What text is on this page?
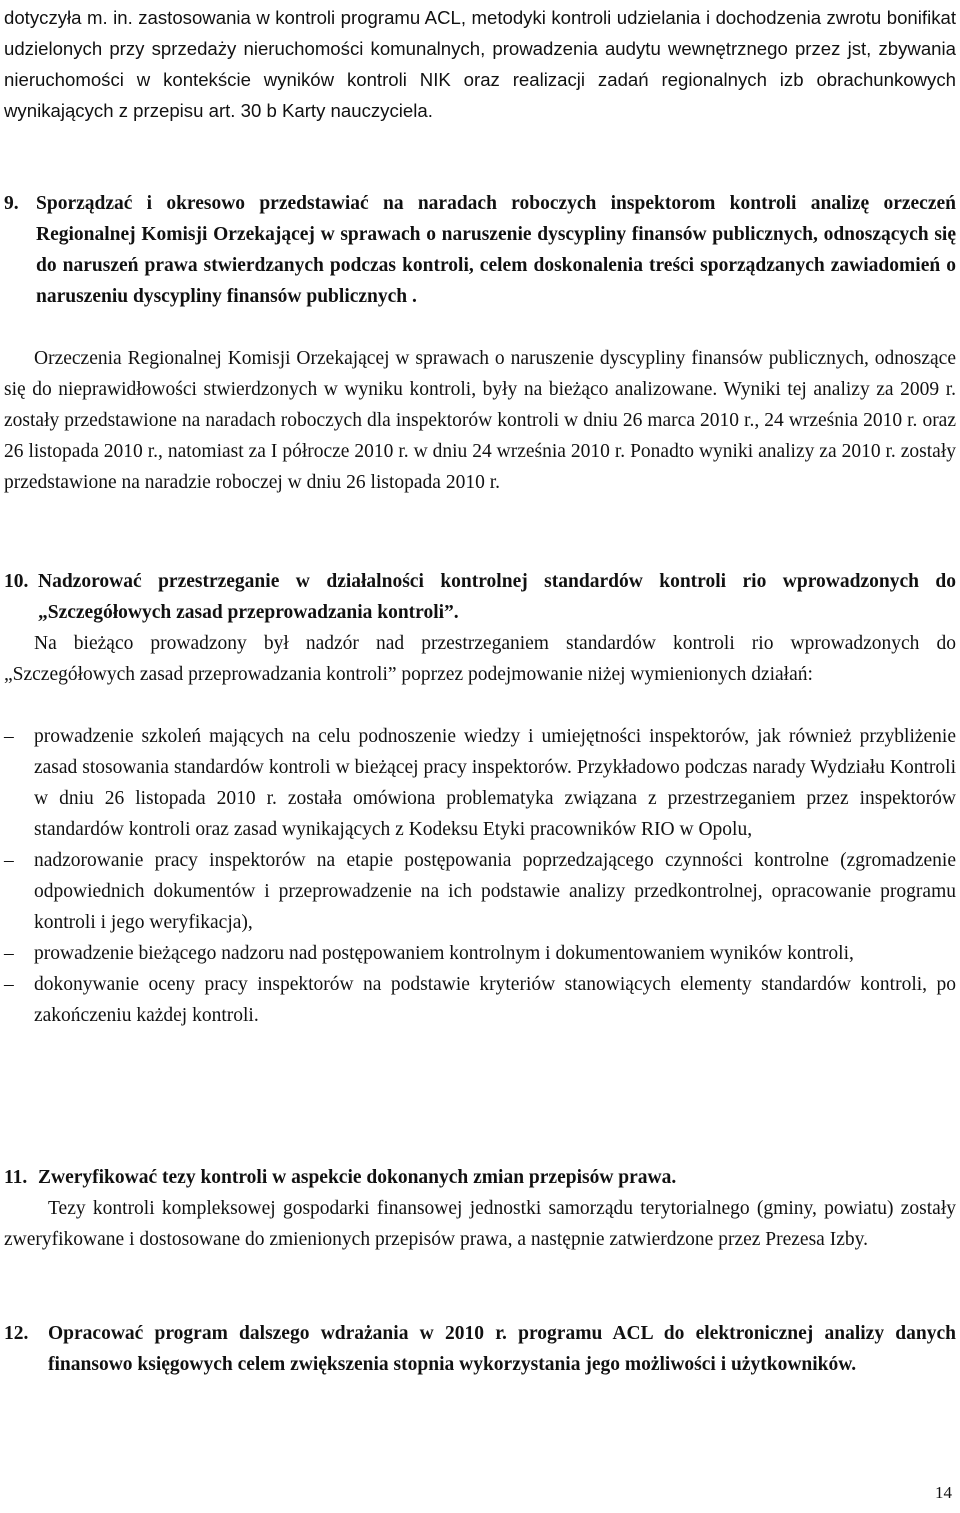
dotyczyła m. in. zastosowania w kontroli programu ACL, metodyki kontroli udzielania i dochodzenia zwrotu bonifikat udzielonych przy sprzedaży nieruchomości komunalnych, prowadzenia audytu wewnętrznego przez jst, zbywania nieruchomości w kontekście wyników kontroli NIK oraz realizacji zadań regionalnych izb obrachunkowych wynikających z przepisu art. 30 b Karty nauczyciela.

9. Sporządzać i okresowo przedstawiać na naradach roboczych inspektorom kontroli analizę orzeczeń Regionalnej Komisji Orzekającej w sprawach o naruszenie dyscypliny finansów publicznych, odnoszących się do naruszeń prawa stwierdzanych podczas kontroli, celem doskonalenia treści sporządzanych zawiadomień o naruszeniu dyscypliny finansów publicznych .

Orzeczenia Regionalnej Komisji Orzekającej w sprawach o naruszenie dyscypliny finansów publicznych, odnoszące się do nieprawidłowości stwierdzonych w wyniku kontroli, były na bieżąco analizowane. Wyniki tej analizy za 2009 r. zostały przedstawione na naradach roboczych dla inspektorów kontroli w dniu 26 marca 2010 r., 24 września 2010 r. oraz 26 listopada 2010 r., natomiast za I półrocze 2010 r. w dniu 24 września 2010 r. Ponadto wyniki analizy za 2010 r. zostały przedstawione na naradzie roboczej w dniu 26 listopada 2010 r.

10. Nadzorować przestrzeganie w działalności kontrolnej standardów kontroli rio wprowadzonych do „Szczegółowych zasad przeprowadzania kontroli”.

Na bieżąco prowadzony był nadzór nad przestrzeganiem standardów kontroli rio wprowadzonych do „Szczegółowych zasad przeprowadzania kontroli” poprzez podejmowanie niżej wymienionych działań:

– prowadzenie szkoleń mających na celu podnoszenie wiedzy i umiejętności inspektorów, jak również przybliżenie zasad stosowania standardów kontroli w bieżącej pracy inspektorów. Przykładowo podczas narady Wydziału Kontroli w dniu 26 listopada 2010 r. została omówiona problematyka związana z przestrzeganiem przez inspektorów standardów kontroli oraz zasad wynikających z Kodeksu Etyki pracowników RIO w Opolu,
– nadzorowanie pracy inspektorów na etapie postępowania poprzedzającego czynności kontrolne (zgromadzenie odpowiednich dokumentów i przeprowadzenie na ich podstawie analizy przedkontrolnej, opracowanie programu kontroli i jego weryfikacja),
– prowadzenie bieżącego nadzoru nad postępowaniem kontrolnym i dokumentowaniem wyników kontroli,
– dokonywanie oceny pracy inspektorów na podstawie kryteriów stanowiących elementy standardów kontroli, po zakończeniu każdej kontroli.
11. Zweryfikować tezy kontroli w aspekcie dokonanych zmian przepisów prawa.

Tezy kontroli kompleksowej gospodarki finansowej jednostki samorządu terytorialnego (gminy, powiatu) zostały zweryfikowane i dostosowane do zmienionych przepisów prawa, a następnie zatwierdzone przez Prezesa Izby.

12. Opracować program dalszego wdrażania w 2010 r. programu ACL do elektronicznej analizy danych finansowo księgowych celem zwiększenia stopnia wykorzystania jego możliwości i użytkowników.
14
